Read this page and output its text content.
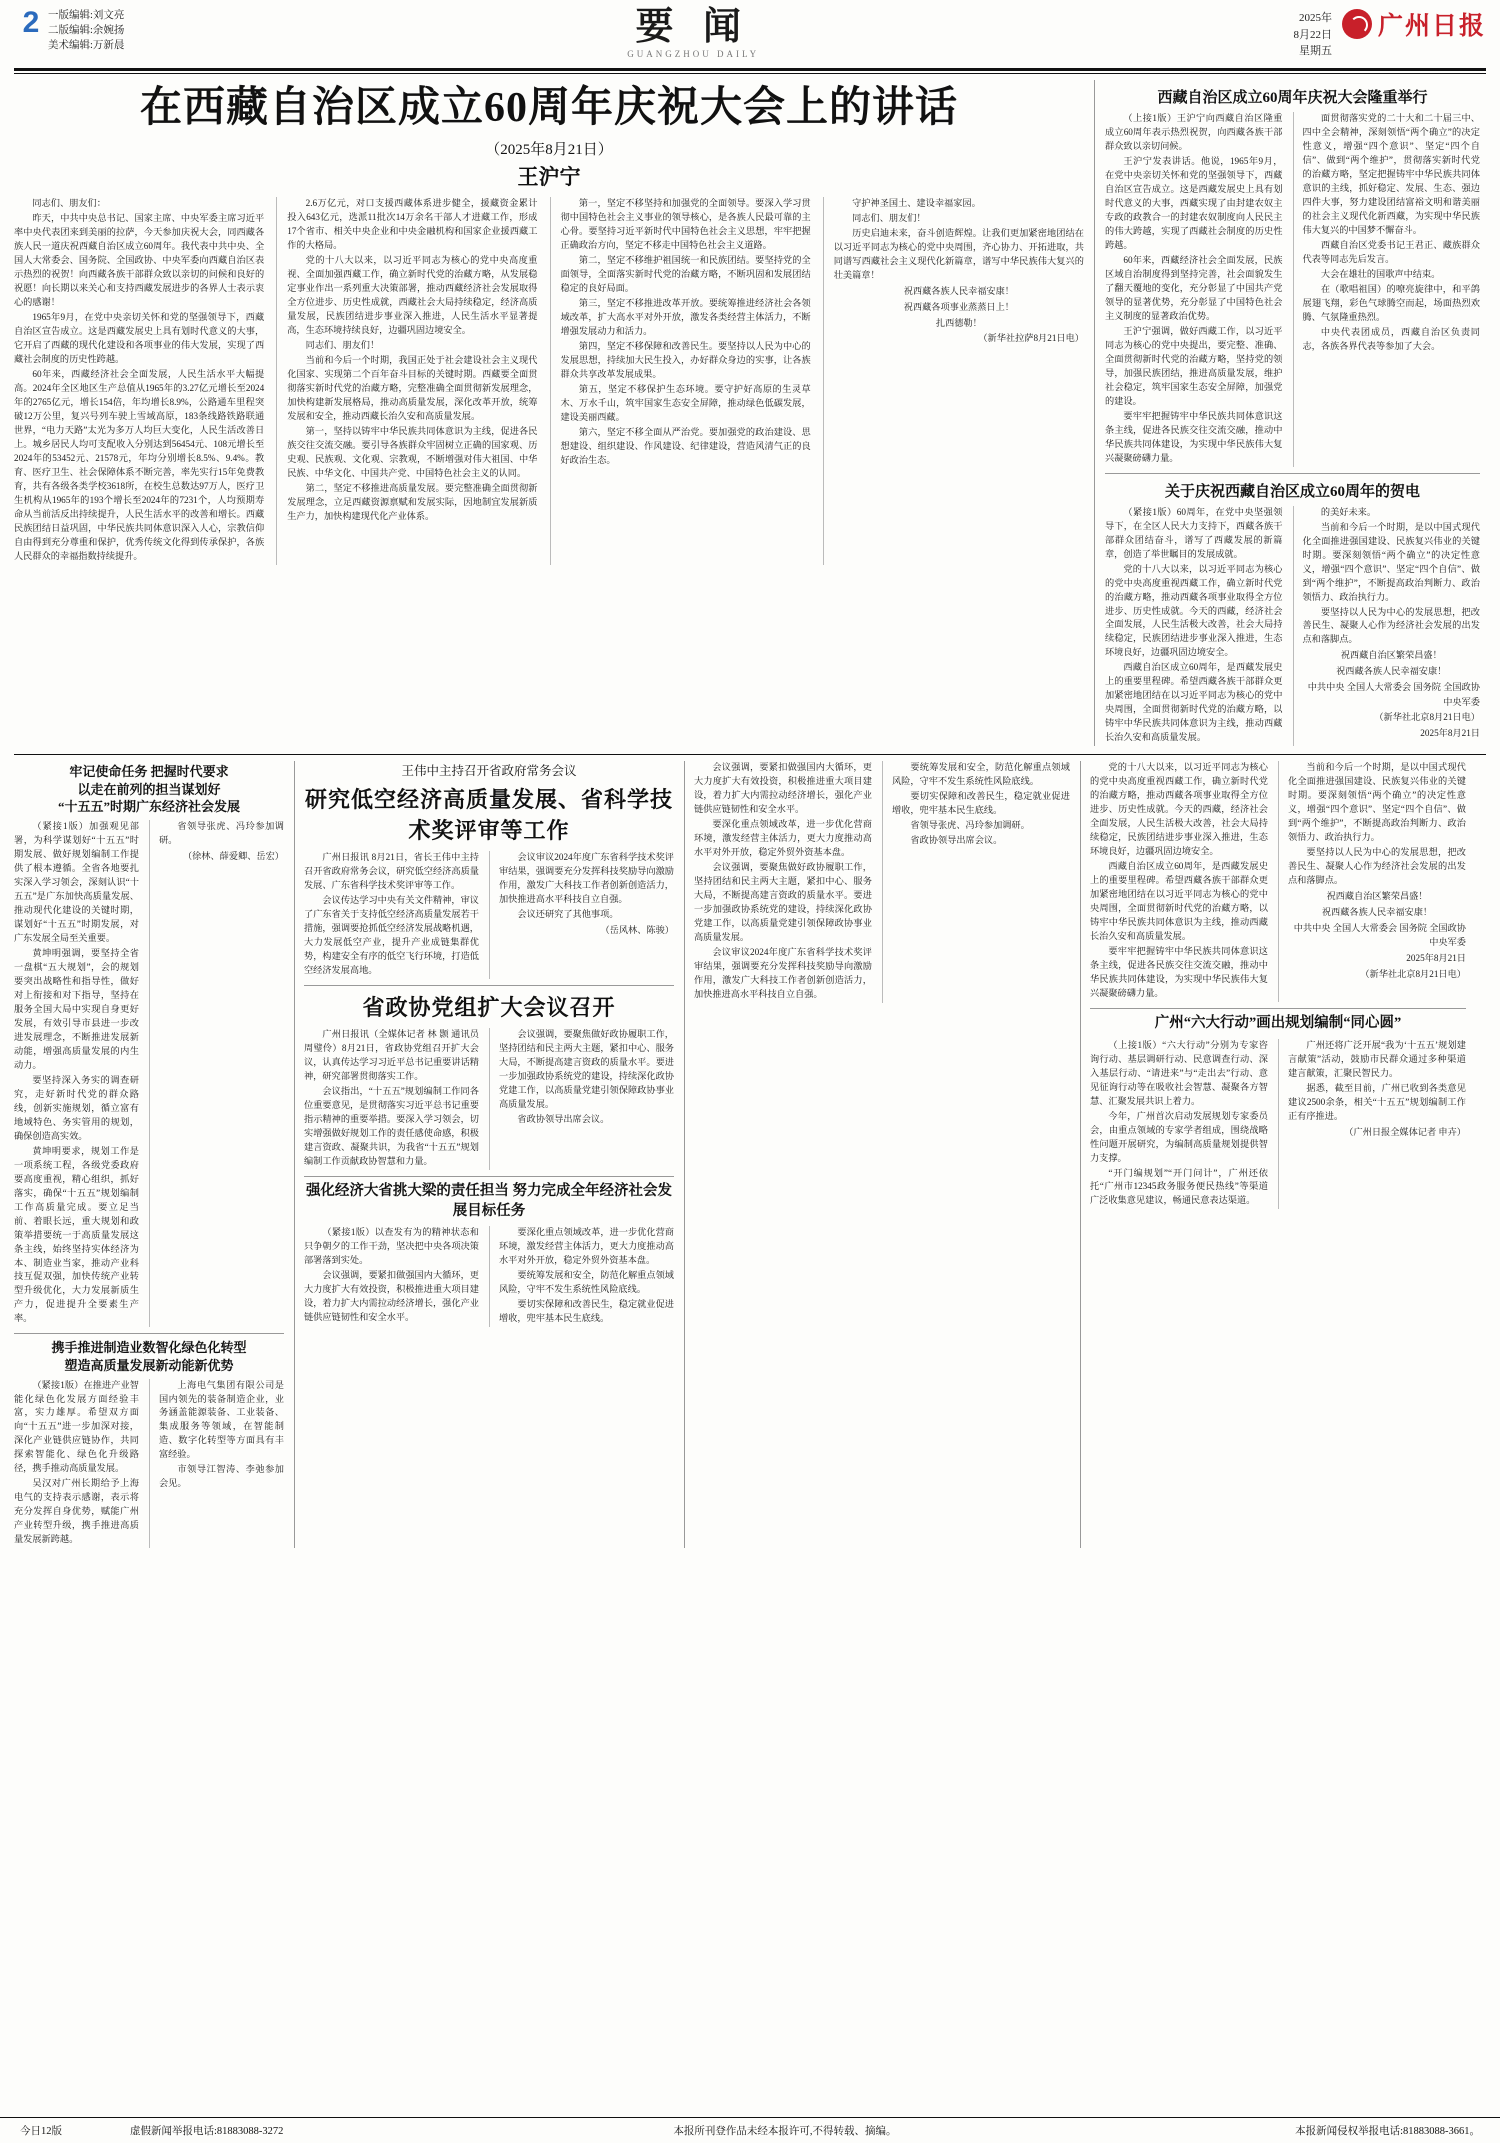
2 一版编辑:刘文亮
二版编辑:余婉扬
美术编辑:万新晨	要 闻
GUANGZHOU DAILY
2025年
8月22日
星期五
广州日报
在西藏自治区成立60周年庆祝大会上的讲话
（2025年8月21日）
王沪宁

同志们、朋友们：

昨天，中共中央总书记、国家主席、中央军委主席习近平率中央代表团来到美丽的拉萨，今天参加庆祝大会，同西藏各族人民一道庆祝西藏自治区成立60周年。我代表中共中央、全国人大常委会、国务院、全国政协、中央军委向西藏自治区表示热烈的祝贺！向西藏各族干部群众致以亲切的问候和良好的祝愿！向长期以来关心和支持西藏发展进步的各界人士表示衷心的感谢！

1965年9月，在党中央亲切关怀和党的坚强领导下，西藏自治区宣告成立。这是西藏发展史上具有划时代意义的大事，它开启了西藏的现代化建设和各项事业的伟大发展，实现了西藏社会制度的历史性跨越。

60年来，西藏经济社会全面发展，人民生活水平大幅提高。2024年全区地区生产总值从1965年的3.27亿元增长至2024年的2765亿元，增长154倍，年均增长8.9%，公路通车里程突破12万公里，复兴号列车驶上雪域高原，183条线路铁路联通世界，“电力天路”太光为多万人均巨大变化，人民生活改善日上。城乡居民人均可支配收入分别达到56454元、108元增长至2024年的53452元、21578元，年均分别增长8.5%、9.4%。教育、医疗卫生、社会保障体系不断完善，率先实行15年免费教育，共有各级各类学校3618所，在校生总数达97万人，医疗卫生机构从1965年的193个增长至2024年的7231个，人均预期寿命从当前活反出持续提升，人民生活水平的改善和增长。西藏民族团结日益巩固，中华民族共同体意识深入人心，宗教信仰自由得到充分尊重和保护，优秀传统文化得到传承保护，各族人民群众的幸福指数持续提升。

2.6万亿元，对口支援西藏体系进步健全，援藏资金累计投入643亿元，选派11批次14万余名干部人才进藏工作，形成17个省市、相关中央企业和中央金融机构和国家企业援西藏工作的大格局。

党的十八大以来，以习近平同志为核心的党中央高度重视、全面加强西藏工作，确立新时代党的治藏方略，从发展稳定事业作出一系列重大决策部署，推动西藏经济社会发展取得全方位进步、历史性成就，西藏社会大局持续稳定，经济高质量发展，民族团结进步事业深入推进，人民生活水平显著提高，生态环境持续良好，边疆巩固边境安全。

同志们、朋友们！

当前和今后一个时期，我国正处于社会建设社会主义现代化国家、实现第二个百年奋斗目标的关键时期。西藏要全面贯彻落实新时代党的治藏方略，完整准确全面贯彻新发展理念，加快构建新发展格局，推动高质量发展，深化改革开放，统筹发展和安全，推动西藏长治久安和高质量发展。

第一，坚持以铸牢中华民族共同体意识为主线，促进各民族交往交流交融。要引导各族群众牢固树立正确的国家观、历史观、民族观、文化观、宗教观，不断增强对伟大祖国、中华民族、中华文化、中国共产党、中国特色社会主义的认同。

第二，坚定不移推进高质量发展。要完整准确全面贯彻新发展理念，立足西藏资源禀赋和发展实际，因地制宜发展新质生产力，加快构建现代化产业体系。

第一，坚定不移坚持和加强党的全面领导。要深入学习贯彻中国特色社会主义事业的领导核心，是各族人民最可靠的主心骨。要坚持习近平新时代中国特色社会主义思想，牢牢把握正确政治方向，坚定不移走中国特色社会主义道路。

第二，坚定不移维护祖国统一和民族团结。要坚持党的全面领导，全面落实新时代党的治藏方略，不断巩固和发展团结稳定的良好局面。

第三，坚定不移推进改革开放。要统筹推进经济社会各领域改革，扩大高水平对外开放，激发各类经营主体活力，不断增强发展动力和活力。

第四，坚定不移保障和改善民生。要坚持以人民为中心的发展思想，持续加大民生投入，办好群众身边的实事，让各族群众共享改革发展成果。

第五，坚定不移保护生态环境。要守护好高原的生灵草木、万水千山，筑牢国家生态安全屏障，推动绿色低碳发展，建设美丽西藏。

第六，坚定不移全面从严治党。要加强党的政治建设、思想建设、组织建设、作风建设、纪律建设，营造风清气正的良好政治生态。

守护神圣国土、建设幸福家园。

同志们、朋友们！

历史启迪未来，奋斗创造辉煌。让我们更加紧密地团结在以习近平同志为核心的党中央周围，齐心协力、开拓进取，共同谱写西藏社会主义现代化新篇章，谱写中华民族伟大复兴的壮美篇章！

祝西藏各族人民幸福安康！

祝西藏各项事业蒸蒸日上！

扎西德勒！

（新华社拉萨8月21日电）

西藏自治区成立60周年庆祝大会隆重举行

（上接1版）王沪宁向西藏自治区隆重成立60周年表示热烈祝贺，向西藏各族干部群众致以亲切问候。

王沪宁发表讲话。他说，1965年9月，在党中央亲切关怀和党的坚强领导下，西藏自治区宣告成立。这是西藏发展史上具有划时代意义的大事，西藏实现了由封建农奴主专政的政教合一的封建农奴制度向人民民主的伟大跨越，实现了西藏社会制度的历史性跨越。

60年来，西藏经济社会全面发展，民族区域自治制度得到坚持完善，社会面貌发生了翻天覆地的变化，充分彰显了中国共产党领导的显著优势，充分彰显了中国特色社会主义制度的显著政治优势。

王沪宁强调，做好西藏工作，以习近平同志为核心的党中央提出，要完整、准确、全面贯彻新时代党的治藏方略，坚持党的领导，加强民族团结，推进高质量发展，维护社会稳定，筑牢国家生态安全屏障，加强党的建设。

要牢牢把握铸牢中华民族共同体意识这条主线，促进各民族交往交流交融，推动中华民族共同体建设，为实现中华民族伟大复兴凝聚磅礴力量。

面贯彻落实党的二十大和二十届三中、四中全会精神，深刻领悟“两个确立”的决定性意义，增强“四个意识”、坚定“四个自信”、做到“两个维护”，贯彻落实新时代党的治藏方略，坚定把握铸牢中华民族共同体意识的主线，抓好稳定、发展、生态、强边四件大事，努力建设团结富裕文明和谐美丽的社会主义现代化新西藏，为实现中华民族伟大复兴的中国梦不懈奋斗。

西藏自治区党委书记王君正、藏族群众代表等同志先后发言。

大会在雄壮的国歌声中结束。

在（歌唱祖国）的嘹亮旋律中，和平鸽展翅飞翔，彩色气球腾空而起，场面热烈欢腾、气氛隆重热烈。

中央代表团成员，西藏自治区负责同志，各族各界代表等参加了大会。

关于庆祝西藏自治区成立60周年的贺电

（紧接1版）60周年，在党中央坚强领导下，在全区人民大力支持下，西藏各族干部群众团结奋斗，谱写了西藏发展的新篇章，创造了举世瞩目的发展成就。

党的十八大以来，以习近平同志为核心的党中央高度重视西藏工作，确立新时代党的治藏方略，推动西藏各项事业取得全方位进步、历史性成就。今天的西藏，经济社会全面发展，人民生活极大改善，社会大局持续稳定，民族团结进步事业深入推进，生态环境良好，边疆巩固边境安全。

西藏自治区成立60周年，是西藏发展史上的重要里程碑。希望西藏各族干部群众更加紧密地团结在以习近平同志为核心的党中央周围，全面贯彻新时代党的治藏方略，以铸牢中华民族共同体意识为主线，推动西藏长治久安和高质量发展。

的美好未来。

当前和今后一个时期，是以中国式现代化全面推进强国建设、民族复兴伟业的关键时期。要深刻领悟“两个确立”的决定性意义，增强“四个意识”、坚定“四个自信”、做到“两个维护”，不断提高政治判断力、政治领悟力、政治执行力。

要坚持以人民为中心的发展思想，把改善民生、凝聚人心作为经济社会发展的出发点和落脚点。

祝西藏自治区繁荣昌盛！

祝西藏各族人民幸福安康！

中共中央 全国人大常委会 国务院 全国政协 中央军委

（新华社北京8月21日电）

2025年8月21日

牢记使命任务 把握时代要求
以走在前列的担当谋划好
“十五五”时期广东经济社会发展

（紧接1版）加强观见部署，为科学谋划好“十五五”时期发展、做好规划编制工作提供了根本遵循。全省各地要扎实深入学习领会，深刻认识“十五五”是广东加快高质量发展、推动现代化建设的关键时期，谋划好“十五五”时期发展，对广东发展全局至关重要。

黄坤明强调，要坚持全省一盘棋“五大规划”，会的规划要突出战略性和指导性，做好对上衔接和对下指导，坚持在服务全国大局中实现自身更好发展，有效引导市县进一步改进发展理念，不断推进发展新动能，增强高质量发展的内生动力。

要坚持深入务实的调查研究，走好新时代党的群众路线，创新实施规划，循立富有地域特色、务实管用的规划，确保创造高实效。

黄坤明要求，规划工作是一项系统工程，各级党委政府要高度重视，精心组织，抓好落实，确保“十五五”规划编制工作高质量完成。要立足当前、着眼长远，重大规划和政策举措要统一于高质量发展这条主线，始终坚持实体经济为本、制造业当家，推动产业科技互促双强，加快传统产业转型升级优化，大力发展新质生产力，促进提升全要素生产率。

省领导张虎、冯玲参加调研。

（徐林、薛爱卿、岳宏）

携手推进制造业数智化绿色化转型
塑造高质量发展新动能新优势

（紧接1版）在推进产业智能化绿色化发展方面经验丰富，实力雄厚。希望双方面向“十五五”进一步加深对接，深化产业链供应链协作，共同探索智能化、绿色化升级路径，携手推动高质量发展。

吴汉对广州长期给予上海电气的支持表示感谢，表示将充分发挥自身优势，赋能广州产业转型升级，携手推进高质量发展新跨越。

上海电气集团有限公司是国内领先的装备制造企业，业务涵盖能源装备、工业装备、集成服务等领域，在智能制造、数字化转型等方面具有丰富经验。

市领导江智涛、李弛参加会见。

王伟中主持召开省政府常务会议
研究低空经济高质量发展、省科学技术奖评审等工作

广州日报讯 8月21日，省长王伟中主持召开省政府常务会议，研究低空经济高质量发展、广东省科学技术奖评审等工作。

会议传达学习中央有关文件精神，审议了广东省关于支持低空经济高质量发展若干措施，强调要抢抓低空经济发展战略机遇，大力发展低空产业，提升产业成链集群优势，构建安全有序的低空飞行环境，打造低空经济发展高地。

会议审议2024年度广东省科学技术奖评审结果，强调要充分发挥科技奖励导向激励作用，激发广大科技工作者创新创造活力，加快推进高水平科技自立自强。

会议还研究了其他事项。

（岳风林、陈骏）

省政协党组扩大会议召开

广州日报讯（全媒体记者 林 颢 通讯员 周璧伶）8月21日，省政协党组召开扩大会议，认真传达学习习近平总书记重要讲话精神，研究部署贯彻落实工作。

会议指出，“十五五”规划编制工作同各位重要意见，是贯彻落实习近平总书记重要指示精神的重要举措。要深入学习领会，切实增强做好规划工作的责任感使命感，积极建言资政、凝聚共识，为我省“十五五”规划编制工作贡献政协智慧和力量。

会议强调，要聚焦做好政协履职工作，坚持团结和民主两大主题，紧扣中心、服务大局，不断提高建言资政的质量水平。要进一步加强政协系统党的建设，持续深化政协党建工作，以高质量党建引领保障政协事业高质量发展。

省政协领导出席会议。

强化经济大省挑大梁的责任担当 努力完成全年经济社会发展目标任务

（紧接1版）以查发有为的精神状态和只争朝夕的工作干劲，坚决把中央各项决策部署落到实处。

会议强调，要紧扣做强国内大循环，更大力度扩大有效投资，积极推进重大项目建设，着力扩大内需拉动经济增长，强化产业链供应链韧性和安全水平。

要深化重点领域改革，进一步优化营商环境，激发经营主体活力，更大力度推动高水平对外开放，稳定外贸外资基本盘。

要统筹发展和安全，防范化解重点领域风险，守牢不发生系统性风险底线。

要切实保障和改善民生，稳定就业促进增收，兜牢基本民生底线。

会议强调，要紧扣做强国内大循环，更大力度扩大有效投资，积极推进重大项目建设，着力扩大内需拉动经济增长，强化产业链供应链韧性和安全水平。

要深化重点领域改革，进一步优化营商环境，激发经营主体活力，更大力度推动高水平对外开放，稳定外贸外资基本盘。

会议强调，要聚焦做好政协履职工作，坚持团结和民主两大主题，紧扣中心、服务大局，不断提高建言资政的质量水平。要进一步加强政协系统党的建设，持续深化政协党建工作，以高质量党建引领保障政协事业高质量发展。

会议审议2024年度广东省科学技术奖评审结果，强调要充分发挥科技奖励导向激励作用，激发广大科技工作者创新创造活力，加快推进高水平科技自立自强。

要统筹发展和安全，防范化解重点领域风险，守牢不发生系统性风险底线。

要切实保障和改善民生，稳定就业促进增收，兜牢基本民生底线。

省领导张虎、冯玲参加调研。

省政协领导出席会议。

党的十八大以来，以习近平同志为核心的党中央高度重视西藏工作，确立新时代党的治藏方略，推动西藏各项事业取得全方位进步、历史性成就。今天的西藏，经济社会全面发展，人民生活极大改善，社会大局持续稳定，民族团结进步事业深入推进，生态环境良好，边疆巩固边境安全。

西藏自治区成立60周年，是西藏发展史上的重要里程碑。希望西藏各族干部群众更加紧密地团结在以习近平同志为核心的党中央周围，全面贯彻新时代党的治藏方略，以铸牢中华民族共同体意识为主线，推动西藏长治久安和高质量发展。

要牢牢把握铸牢中华民族共同体意识这条主线，促进各民族交往交流交融，推动中华民族共同体建设，为实现中华民族伟大复兴凝聚磅礴力量。

当前和今后一个时期，是以中国式现代化全面推进强国建设、民族复兴伟业的关键时期。要深刻领悟“两个确立”的决定性意义，增强“四个意识”、坚定“四个自信”、做到“两个维护”，不断提高政治判断力、政治领悟力、政治执行力。

要坚持以人民为中心的发展思想，把改善民生、凝聚人心作为经济社会发展的出发点和落脚点。

祝西藏自治区繁荣昌盛！

祝西藏各族人民幸福安康！

中共中央 全国人大常委会 国务院 全国政协 中央军委

2025年8月21日

（新华社北京8月21日电）

广州“六大行动”画出规划编制“同心圆”

（上接1版）“六大行动”分别为专家咨询行动、基层调研行动、民意调查行动、深入基层行动、“请进来”与“走出去”行动、意见征询行动等在吸收社会智慧、凝聚各方智慧、汇聚发展共识上着力。

今年，广州首次启动发展规划专家委员会，由重点领域的专家学者组成，围绕战略性问题开展研究，为编制高质量规划提供智力支撑。

“开门编规划”“开门问计”，广州还依托“广州市12345政务服务便民热线”等渠道广泛收集意见建议，畅通民意表达渠道。

广州还将广泛开展“我为‘十五五’规划建言献策”活动，鼓励市民群众通过多种渠道建言献策，汇聚民智民力。

据悉，截至目前，广州已收到各类意见建议2500余条，相关“十五五”规划编制工作正有序推进。

（广州日报全媒体记者 申卉）

今日12版	虚假新闻举报电话:81883088-3272	本报所刊登作品未经本报许可,不得转载、摘编。	本报新闻侵权举报电话:81883088-3661。
